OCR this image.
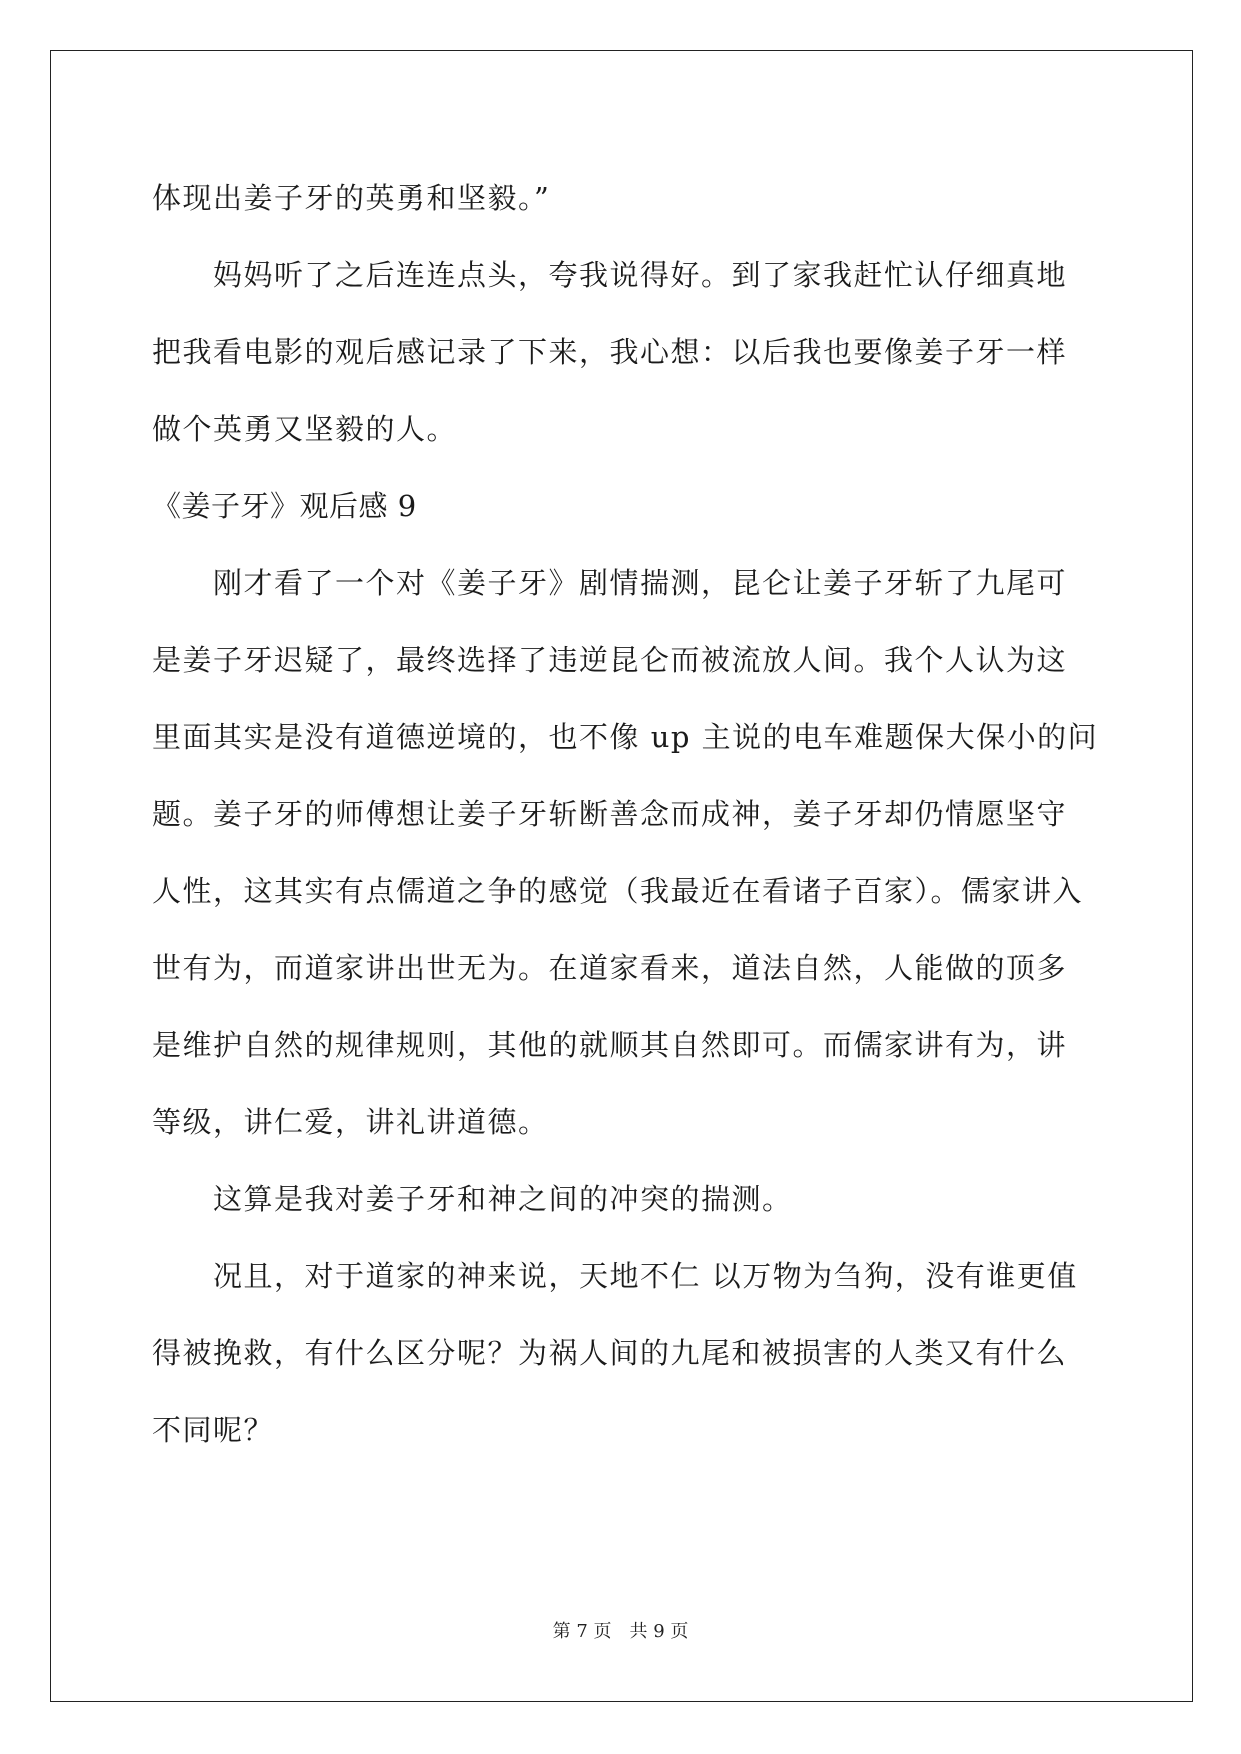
体现出姜子牙的英勇和坚毅。”
　　妈妈听了之后连连点头，夸我说得好。到了家我赶忙认仔细真地
把我看电影的观后感记录了下来，我心想：以后我也要像姜子牙一样
做个英勇又坚毅的人。
《姜子牙》观后感 9
　　刚才看了一个对《姜子牙》剧情揣测，昆仑让姜子牙斩了九尾可
是姜子牙迟疑了，最终选择了违逆昆仑而被流放人间。我个人认为这
里面其实是没有道德逆境的，也不像 up 主说的电车难题保大保小的问
题。姜子牙的师傅想让姜子牙斩断善念而成神，姜子牙却仍情愿坚守
人性，这其实有点儒道之争的感觉（我最近在看诸子百家）。儒家讲入
世有为，而道家讲出世无为。在道家看来，道法自然，人能做的顶多
是维护自然的规律规则，其他的就顺其自然即可。而儒家讲有为，讲
等级，讲仁爱，讲礼讲道德。
　　这算是我对姜子牙和神之间的冲突的揣测。
　　况且，对于道家的神来说，天地不仁 以万物为刍狗，没有谁更值
得被挽救，有什么区分呢？为祸人间的九尾和被损害的人类又有什么
不同呢？
第 7 页 共 9 页
